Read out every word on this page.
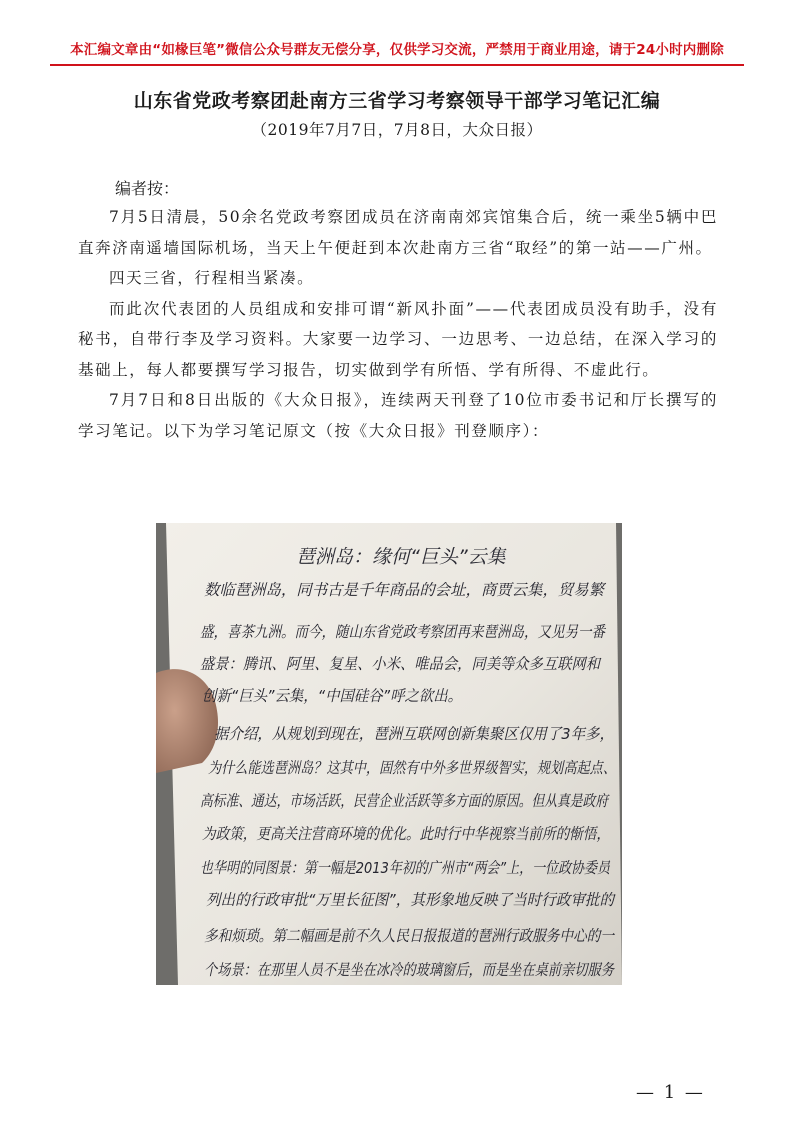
本汇编文章由“如椽巨笔”微信公众号群友无偿分享，仅供学习交流，严禁用于商业用途，请于24小时内删除
山东省党政考察团赴南方三省学习考察领导干部学习笔记汇编
（2019年7月7日，7月8日，大众日报）
编者按：

7月5日清晨，50余名党政考察团成员在济南南郊宾馆集合后，统一乘坐5辆中巴直奔济南遥墙国际机场，当天上午便赶到本次赴南方三省“取经”的第一站——广州。

四天三省，行程相当紧凑。

而此次代表团的人员组成和安排可谓“新风扑面”——代表团成员没有助手，没有秘书，自带行李及学习资料。大家要一边学习、一边思考、一边总结，在深入学习的基础上，每人都要撰写学习报告，切实做到学有所悟、学有所得、不虚此行。

7月7日和8日出版的《大众日报》，连续两天刊登了10位市委书记和厅长撰写的学习笔记。以下为学习笔记原文（按《大众日报》刊登顺序）：

琶洲岛：缘何“巨头”云集
数临琶洲岛，同书古是千年商品的会址，商贾云集，贸易繁
盛，喜茶九洲。而今，随山东省党政考察团再来琶洲岛，又见另一番
盛景：腾讯、阿里、复星、小米、唯品会，同美等众多互联网和
创新“巨头”云集，“中国硅谷”呼之欲出。
据介绍，从规划到现在，琶洲互联网创新集聚区仅用了3年多，
为什么能选琶洲岛？这其中，固然有中外多世界级智实，规划高起点、
高标准、通达，市场活跃，民营企业活跃等多方面的原因。但从真是政府
为政策，更高关注营商环境的优化。此时行中华视察当前所的惭悟，
也华明的同图景：第一幅是2013年初的广州市“两会”上，一位政协委员
列出的行政审批“万里长征图”，其形象地反映了当时行政审批的
多和烦琐。第二幅画是前不久人民日报报道的琶洲行政服务中心的一
个场景：在那里人员不是坐在冰冷的玻璃窗后，而是坐在桌前亲切服务
— 1 —
